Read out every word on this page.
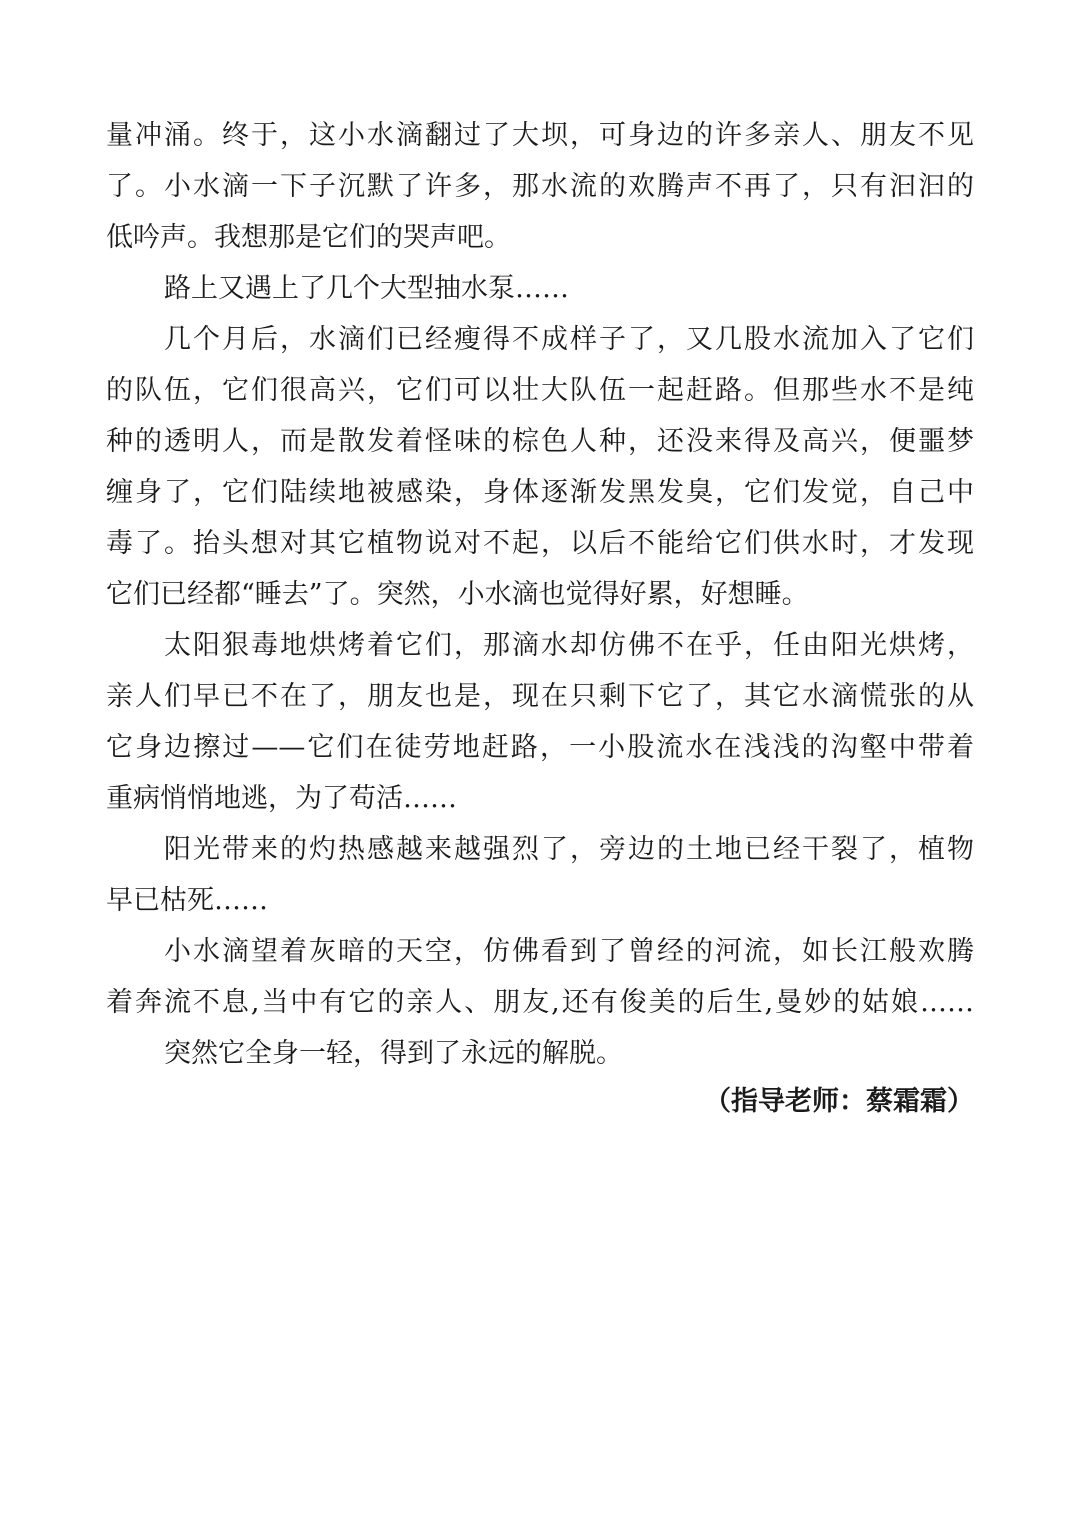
量冲涌。终于，这小水滴翻过了大坝，可身边的许多亲人、朋友不见
了。小水滴一下子沉默了许多，那水流的欢腾声不再了，只有汩汩的
低吟声。我想那是它们的哭声吧。
路上又遇上了几个大型抽水泵……
几个月后，水滴们已经瘦得不成样子了，又几股水流加入了它们
的队伍，它们很高兴，它们可以壮大队伍一起赶路。但那些水不是纯
种的透明人，而是散发着怪味的棕色人种，还没来得及高兴，便噩梦
缠身了，它们陆续地被感染，身体逐渐发黑发臭，它们发觉，自己中
毒了。抬头想对其它植物说对不起，以后不能给它们供水时，才发现
它们已经都“睡去”了。突然，小水滴也觉得好累，好想睡。
太阳狠毒地烘烤着它们，那滴水却仿佛不在乎，任由阳光烘烤，
亲人们早已不在了，朋友也是，现在只剩下它了，其它水滴慌张的从
它身边擦过——它们在徒劳地赶路，一小股流水在浅浅的沟壑中带着
重病悄悄地逃，为了苟活……
阳光带来的灼热感越来越强烈了，旁边的土地已经干裂了，植物
早已枯死……
小水滴望着灰暗的天空，仿佛看到了曾经的河流，如长江般欢腾
着奔流不息,当中有它的亲人、朋友,还有俊美的后生,曼妙的姑娘……
突然它全身一轻，得到了永远的解脱。
（指导老师：蔡霜霜）
